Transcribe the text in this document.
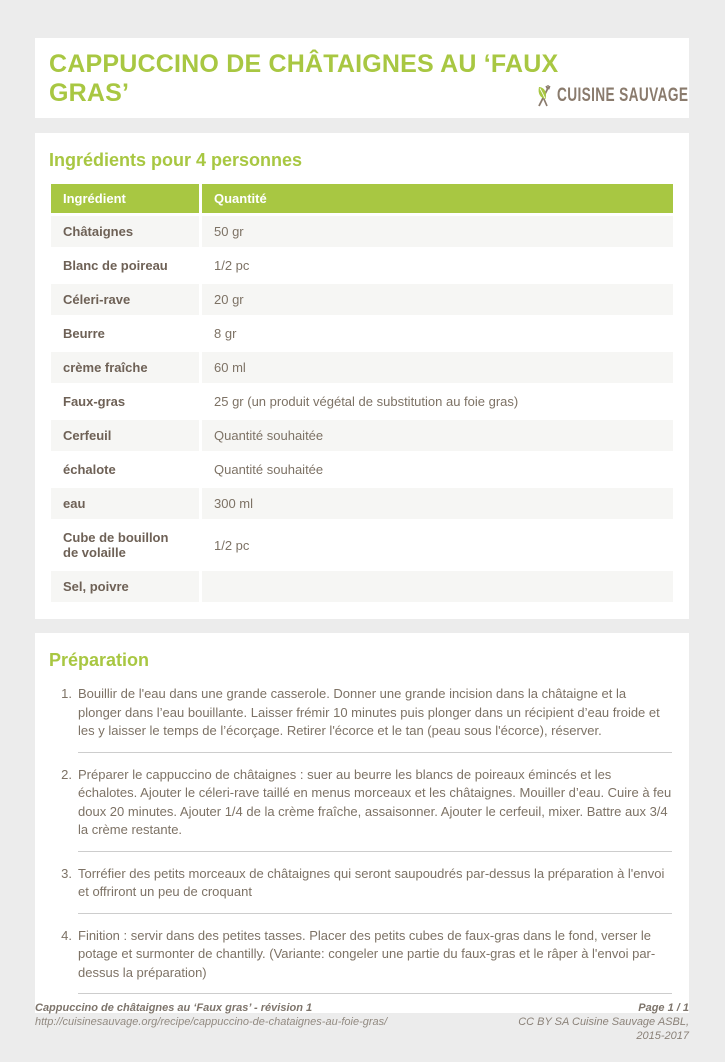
CAPPUCCINO DE CHÂTAIGNES AU ‘FAUX GRAS’	CUISINE SAUVAGE
Ingrédients pour 4 personnes
Ingrédient	Quantité
Châtaignes	50 gr
Blanc de poireau	1/2 pc
Céleri-rave	20 gr
Beurre	8 gr
crème fraîche	60 ml
Faux-gras	25 gr (un produit végétal de substitution au foie gras)
Cerfeuil	Quantité souhaitée
échalote	Quantité souhaitée
eau	300 ml
Cube de bouillon de volaille	1/2 pc
Sel, poivre	
Préparation
1. Bouillir de l'eau dans une grande casserole. Donner une grande incision dans la châtaigne et la plonger dans l’eau bouillante. Laisser frémir 10 minutes puis plonger dans un récipient d’eau froide et les y laisser le temps de l’écorçage. Retirer l'écorce et le tan (peau sous l'écorce), réserver.
2. Préparer le cappuccino de châtaignes : suer au beurre les blancs de poireaux émincés et les échalotes. Ajouter le céleri-rave taillé en menus morceaux et les châtaignes. Mouiller d’eau. Cuire à feu doux 20 minutes. Ajouter 1/4 de la crème fraîche, assaisonner. Ajouter le cerfeuil, mixer. Battre aux 3/4 la crème restante.
3. Torréfier des petits morceaux de châtaignes qui seront saupoudrés par-dessus la préparation à l'envoi et offriront un peu de croquant
4. Finition : servir dans des petites tasses. Placer des petits cubes de faux-gras dans le fond, verser le potage et surmonter de chantilly. (Variante: congeler une partie du faux-gras et le râper à l'envoi par-dessus la préparation)
Cappuccino de châtaignes au ‘Faux gras’ - révision 1
http://cuisinesauvage.org/recipe/cappuccino-de-chataignes-au-foie-gras/
Page 1 / 1
CC BY SA Cuisine Sauvage ASBL,
2015-2017
